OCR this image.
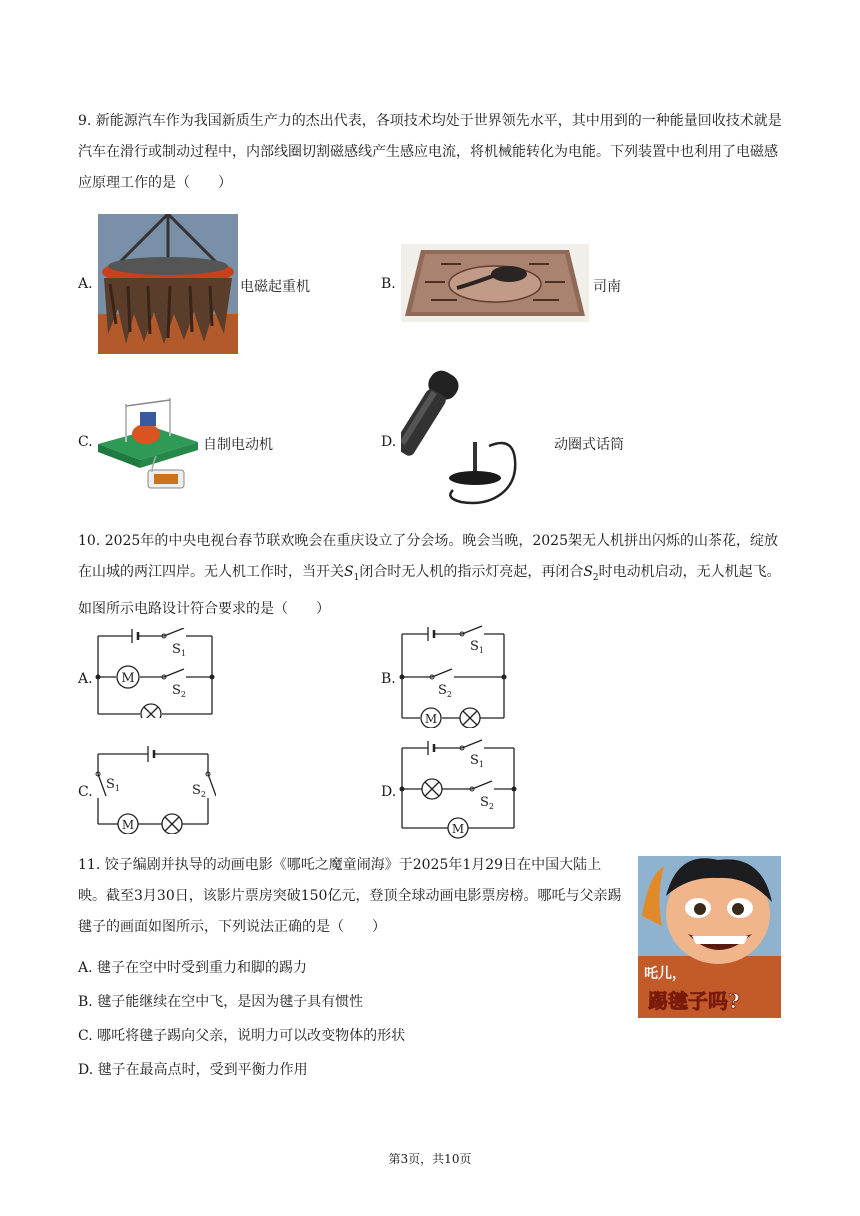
9. 新能源汽车作为我国新质生产力的杰出代表，各项技术均处于世界领先水平，其中用到的一种能量回收技术就是汽车在滑行或制动过程中，内部线圈切割磁感线产生感应电流，将机械能转化为电能。下列装置中也利用了电磁感应原理工作的是（　　）

A.	电磁起重机	B.	司南
C.	自制电动机	D.	动圈式话筒

10. 2025年的中央电视台春节联欢晚会在重庆设立了分会场。晚会当晚，2025架无人机拼出闪烁的山茶花，绽放在山城的两江四岸。无人机工作时，当开关$S_1$闭合时无人机的指示灯亮起，再闭合$S_2$时电动机启动，无人机起飞。如图所示电路设计符合要求的是（　　）

A. M
$S_1$
$S_2$
B.
M
$S_1$
$S_2$
C.
M
$S_1$	$S_2$	D.
M
$S_1$
$S_2$

11. 饺子编剧并执导的动画电影《哪吒之魔童闹海》于2025年1月29日在中国大陆上映。截至3月30日，该影片票房突破150亿元，登顶全球动画电影票房榜。哪吒与父亲踢毽子的画面如图所示，下列说法正确的是（　　）

吒儿，
踢毽子吗?
A. 毽子在空中时受到重力和脚的踢力
B. 毽子能继续在空中飞，是因为毽子具有惯性
C. 哪吒将毽子踢向父亲，说明力可以改变物体的形状
D. 毽子在最高点时，受到平衡力作用
第3页，共10页
